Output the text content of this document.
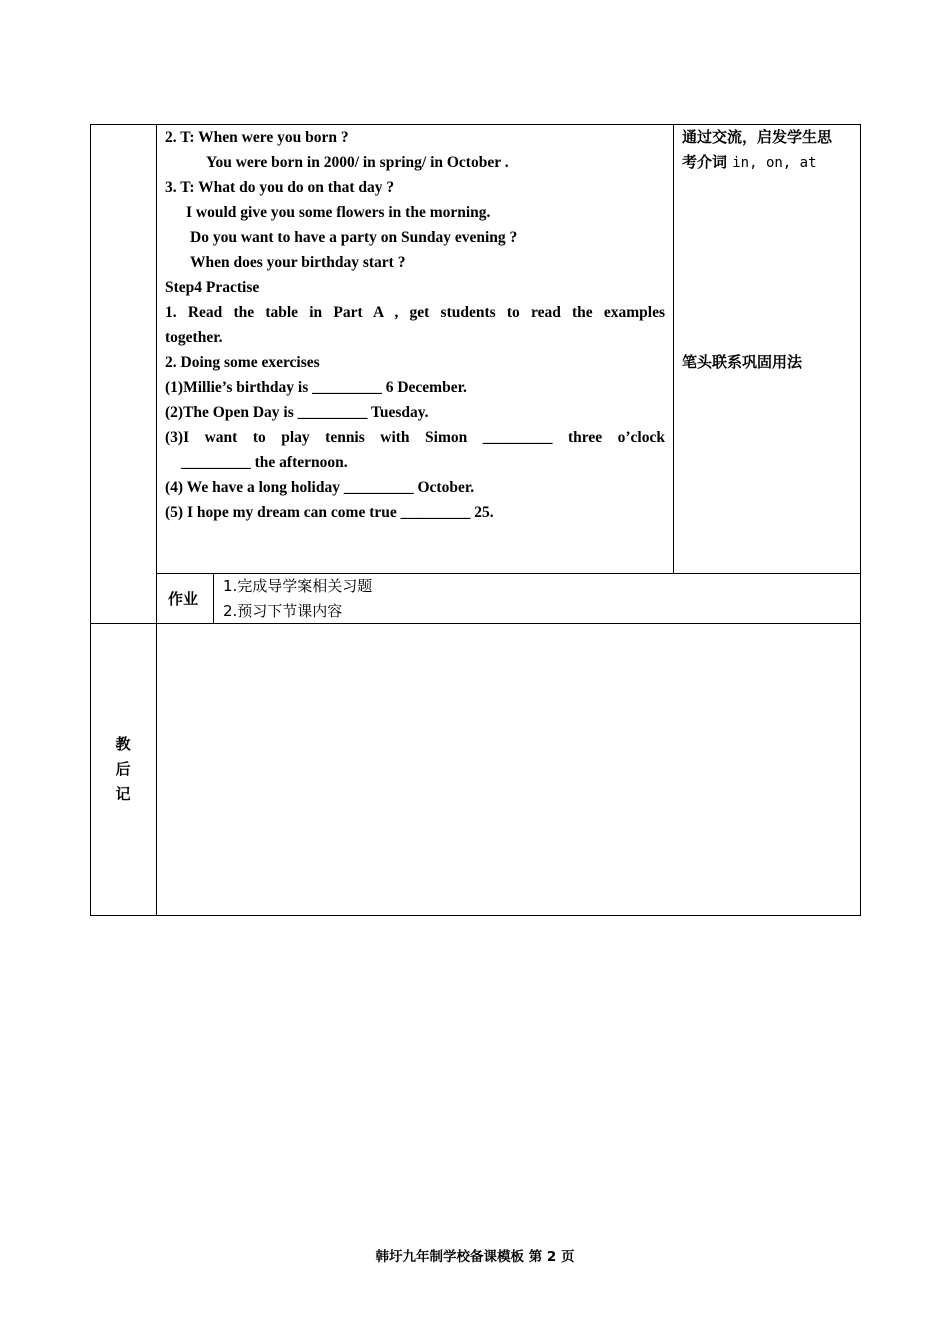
2. T: When were you born ?
You were born in 2000/ in spring/ in October .
3. T: What do you do on that day ?
I would give you some flowers in the morning.
Do you want to have a party on Sunday evening ?
When does your birthday start ?
Step4 Practise
1. Read the table in Part A , get students to read the examples
together.
2. Doing some exercises
(1)Millie’s birthday is _________ 6 December.
(2)The Open Day is _________ Tuesday.
(3)I want to play tennis with Simon _________ three o’clock
_________ the afternoon.
(4) We have a long holiday _________ October.
(5) I hope my dream can come true _________ 25.
通过交流，启发学生思
考介词 in, on, at
笔头联系巩固用法
作业
1.完成导学案相关习题
2.预习下节课内容
教
后
记
韩圩九年制学校备课模板 第 2 页
